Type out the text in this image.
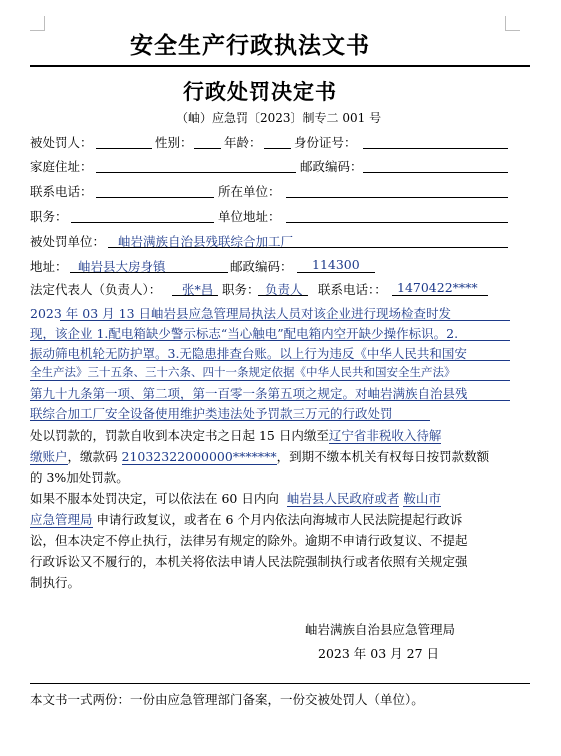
安全生产行政执法文书
行政处罚决定书
（岫）应急罚〔2023〕制专二 001 号
被处罚人：	性别：	年龄：	身份证号：
家庭住址：	邮政编码：
联系电话：	所在单位：
职务：	单位地址：
被处罚单位： 岫岩满族自治县残联综合加工厂
地址： 岫岩县大房身镇	邮政编码： 114300
法定代表人（负责人）： 张*昌 职务： 负责人 联系电话：： 1470422****
2023 年 03 月 13 日岫岩县应急管理局执法人员对该企业进行现场检查时发
现，该企业 1.配电箱缺少警示标志“当心触电”配电箱内空开缺少操作标识。2.
振动筛电机轮无防护罩。3.无隐患排查台账。以上行为违反《中华人民共和国安
全生产法》三十五条、三十六条、四十一条规定依据《中华人民共和国安全生产法》
第九十九条第一项、第二项，第一百零一条第五项之规定。对岫岩满族自治县残
联综合加工厂安全设备使用维护类违法处予罚款三万元的行政处罚
处以罚款的，罚款自收到本决定书之日起 15 日内缴至辽宁省非税收入待解
缴账户，缴款码 21032322000000*******，到期不缴本机关有权每日按罚款数额
的 3%加处罚款。
如果不服本处罚决定，可以依法在 60 日内向 岫岩县人民政府或者 鞍山市
应急管理局 申请行政复议，或者在 6 个月内依法向海城市人民法院提起行政诉
讼，但本决定不停止执行，法律另有规定的除外。逾期不申请行政复议、不提起
行政诉讼又不履行的，本机关将依法申请人民法院强制执行或者依照有关规定强
制执行。
岫岩满族自治县应急管理局
2023 年 03 月 27 日
本文书一式两份：一份由应急管理部门备案，一份交被处罚人（单位）。
